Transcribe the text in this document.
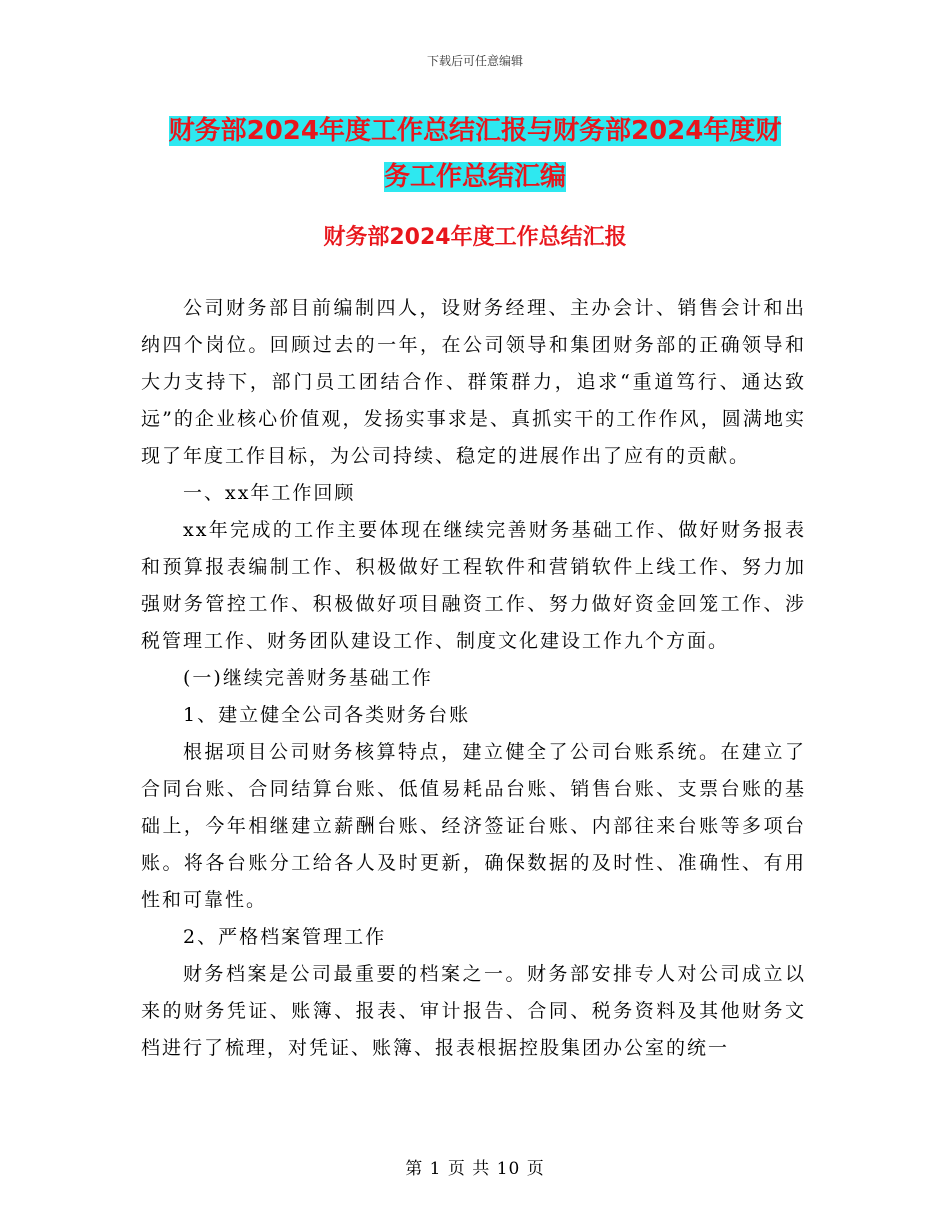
下载后可任意编辑
财务部2024年度工作总结汇报与财务部2024年度财
务工作总结汇编
财务部2024年度工作总结汇报

公司财务部目前编制四人，设财务经理、主办会计、销售会计和出纳四个岗位。回顾过去的一年，在公司领导和集团财务部的正确领导和大力支持下，部门员工团结合作、群策群力，追求“重道笃行、通达致远”的企业核心价值观，发扬实事求是、真抓实干的工作作风，圆满地实现了年度工作目标，为公司持续、稳定的进展作出了应有的贡献。

一、xx年工作回顾

xx年完成的工作主要体现在继续完善财务基础工作、做好财务报表和预算报表编制工作、积极做好工程软件和营销软件上线工作、努力加强财务管控工作、积极做好项目融资工作、努力做好资金回笼工作、涉税管理工作、财务团队建设工作、制度文化建设工作九个方面。

(一)继续完善财务基础工作

1、建立健全公司各类财务台账

根据项目公司财务核算特点，建立健全了公司台账系统。在建立了合同台账、合同结算台账、低值易耗品台账、销售台账、支票台账的基础上，今年相继建立薪酬台账、经济签证台账、内部往来台账等多项台账。将各台账分工给各人及时更新，确保数据的及时性、准确性、有用性和可靠性。

2、严格档案管理工作

财务档案是公司最重要的档案之一。财务部安排专人对公司成立以来的财务凭证、账簿、报表、审计报告、合同、税务资料及其他财务文档进行了梳理，对凭证、账簿、报表根据控股集团办公室的统一

第 1 页 共 10 页
